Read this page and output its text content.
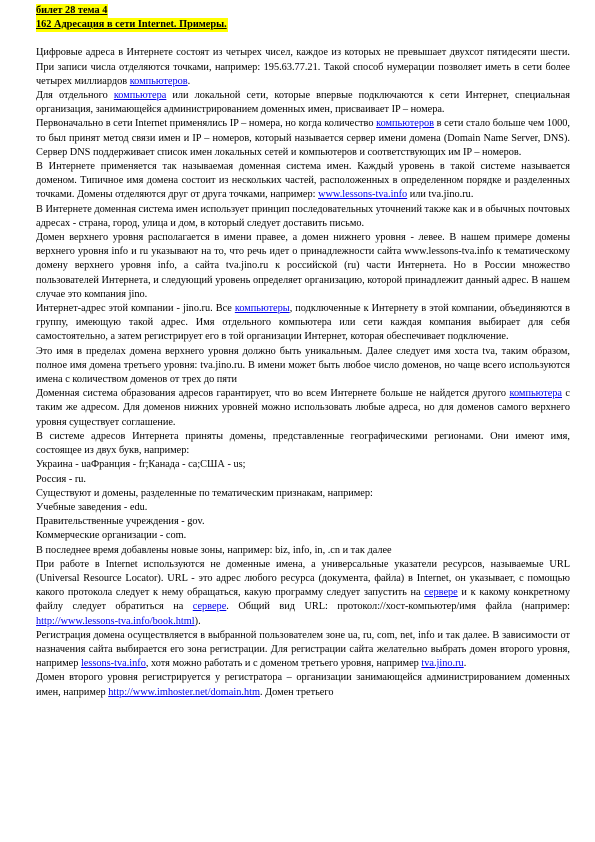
билет 28 тема 4
162 Адресация в сети Internet. Примеры.

Цифровые адреса в Интернете состоят из четырех чисел, каждое из которых не превышает двухсот пятидесяти шести. При записи числа отделяются точками, например: 195.63.77.21. Такой способ нумерации позволяет иметь в сети более четырех миллиардов компьютеров.

Для отдельного компьютера или локальной сети, которые впервые подключаются к сети Интернет, специальная организация, занимающейся администрированием доменных имен, присваивает IP – номера.

Первоначально в сети Internet применялись IP – номера, но когда количество компьютеров в сети стало больше чем 1000, то был принят метод связи имен и IP – номеров, который называется сервер имени домена (Domain Name Server, DNS). Сервер DNS поддерживает список имен локальных сетей и компьютеров и соответствующих им IP – номеров.

В Интернете применяется так называемая доменная система имен. Каждый уровень в такой системе называется доменом. Типичное имя домена состоит из нескольких частей, расположенных в определенном порядке и разделенных точками. Домены отделяются друг от друга точками, например: www.lessons-tva.info или tva.jino.ru.

В Интернете доменная система имен использует принцип последовательных уточнений также как и в обычных почтовых адресах - страна, город, улица и дом, в который следует доставить письмо.

Домен верхнего уровня располагается в имени правее, а домен нижнего уровня - левее. В нашем примере домены верхнего уровня info и ru указывают на то, что речь идет о принадлежности сайта www.lessons-tva.info к тематическому домену верхнего уровня info, а сайта tva.jino.ru к российской (ru) части Интернета. Но в России множество пользователей Интернета, и следующий уровень определяет организацию, которой принадлежит данный адрес. В нашем случае это компания jino.

Интернет-адрес этой компании - jino.ru. Все компьютеры, подключенные к Интернету в этой компании, объединяются в группу, имеющую такой адрес. Имя отдельного компьютера или сети каждая компания выбирает для себя самостоятельно, а затем регистрирует его в той организации Интернет, которая обеспечивает подключение.

Это имя в пределах домена верхнего уровня должно быть уникальным. Далее следует имя хоста tva, таким образом, полное имя домена третьего уровня: tva.jino.ru. В имени может быть любое число доменов, но чаще всего используются имена с количеством доменов от трех до пяти

Доменная система образования адресов гарантирует, что во всем Интернете больше не найдется другого компьютера с таким же адресом. Для доменов нижних уровней можно использовать любые адреса, но для доменов самого верхнего уровня существует соглашение.

В системе адресов Интернета приняты домены, представленные географическими регионами. Они имеют имя, состоящее из двух букв, например:

Украина - uaФранция - fr;Канада - ca;США - us;

Россия - ru.

Существуют и домены, разделенные по тематическим признакам, например:

Учебные заведения - edu.

Правительственные учреждения - gov.

Коммерческие организации - com.

В последнее время добавлены новые зоны, например: biz, info, in, .cn и так далее

При работе в Internet используются не доменные имена, а универсальные указатели ресурсов, называемые URL (Universal Resource Locator). URL - это адрес любого ресурса (документа, файла) в Internet, он указывает, с помощью какого протокола следует к нему обращаться, какую программу следует запустить на сервере и к какому конкретному файлу следует обратиться на сервере. Общий вид URL: протокол://хост-компьютер/имя файла (например: http://www.lessons-tva.info/book.html).

Регистрация домена осуществляется в выбранной пользователем зоне ua, ru, com, net, info и так далее. В зависимости от назначения сайта выбирается его зона регистрации. Для регистрации сайта желательно выбрать домен второго уровня, например lessons-tva.info, хотя можно работать и с доменом третьего уровня, например tva.jino.ru.

Домен второго уровня регистрируется у регистратора – организации занимающейся администрированием доменных имен, например http://www.imhoster.net/domain.htm. Домен третьего
